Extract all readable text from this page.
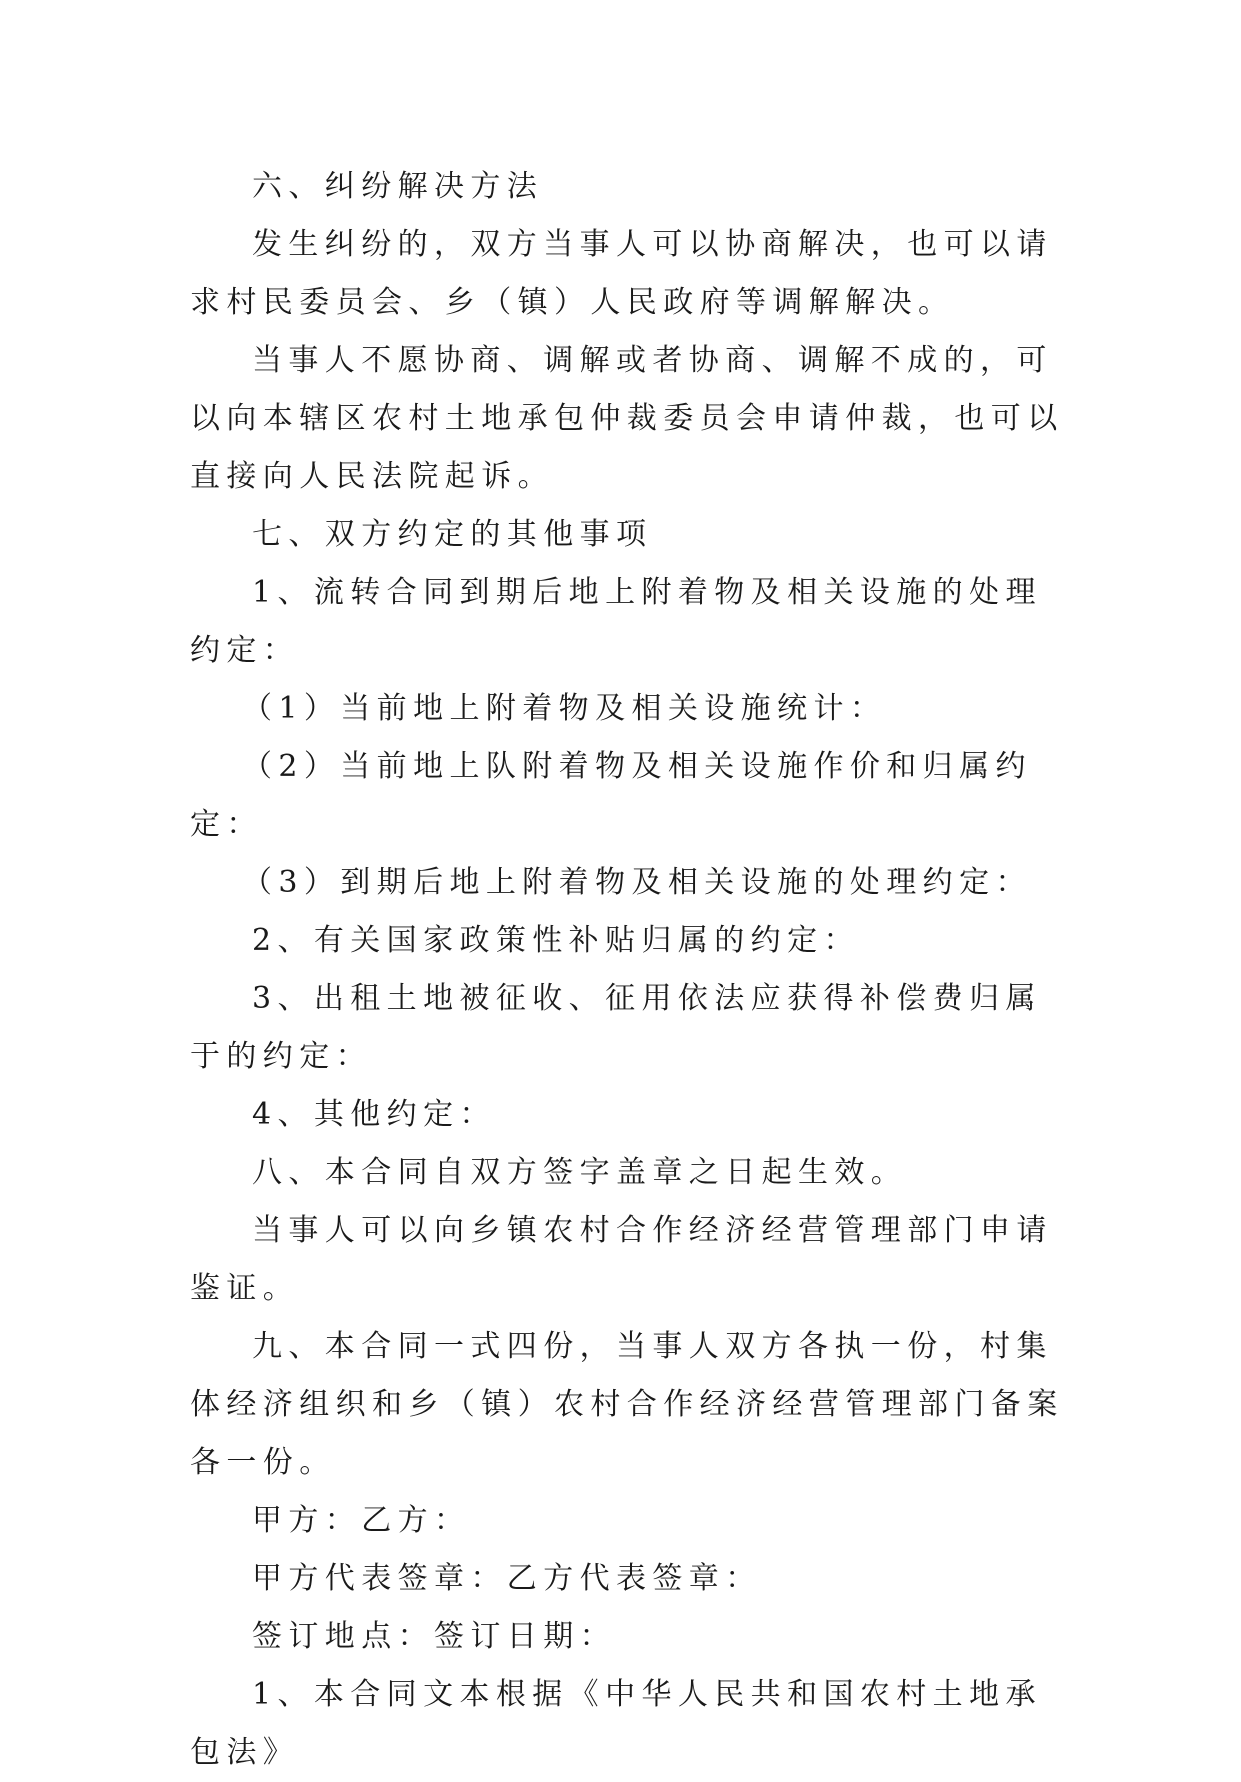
六、纠纷解决方法

发生纠纷的，双方当事人可以协商解决，也可以请求村民委员会、乡（镇）人民政府等调解解决。

当事人不愿协商、调解或者协商、调解不成的，可以向本辖区农村土地承包仲裁委员会申请仲裁，也可以直接向人民法院起诉。

七、双方约定的其他事项

1、流转合同到期后地上附着物及相关设施的处理约定：

（1）当前地上附着物及相关设施统计：

（2）当前地上队附着物及相关设施作价和归属约定：

（3）到期后地上附着物及相关设施的处理约定：

2、有关国家政策性补贴归属的约定：

3、出租土地被征收、征用依法应获得补偿费归属于的约定：

4、其他约定：

八、本合同自双方签字盖章之日起生效。

当事人可以向乡镇农村合作经济经营管理部门申请鉴证。

九、本合同一式四份，当事人双方各执一份，村集体经济组织和乡（镇）农村合作经济经营管理部门备案各一份。

甲方：乙方：

甲方代表签章：乙方代表签章：

签订地点：签订日期：

1、本合同文本根据《中华人民共和国农村土地承包法》
